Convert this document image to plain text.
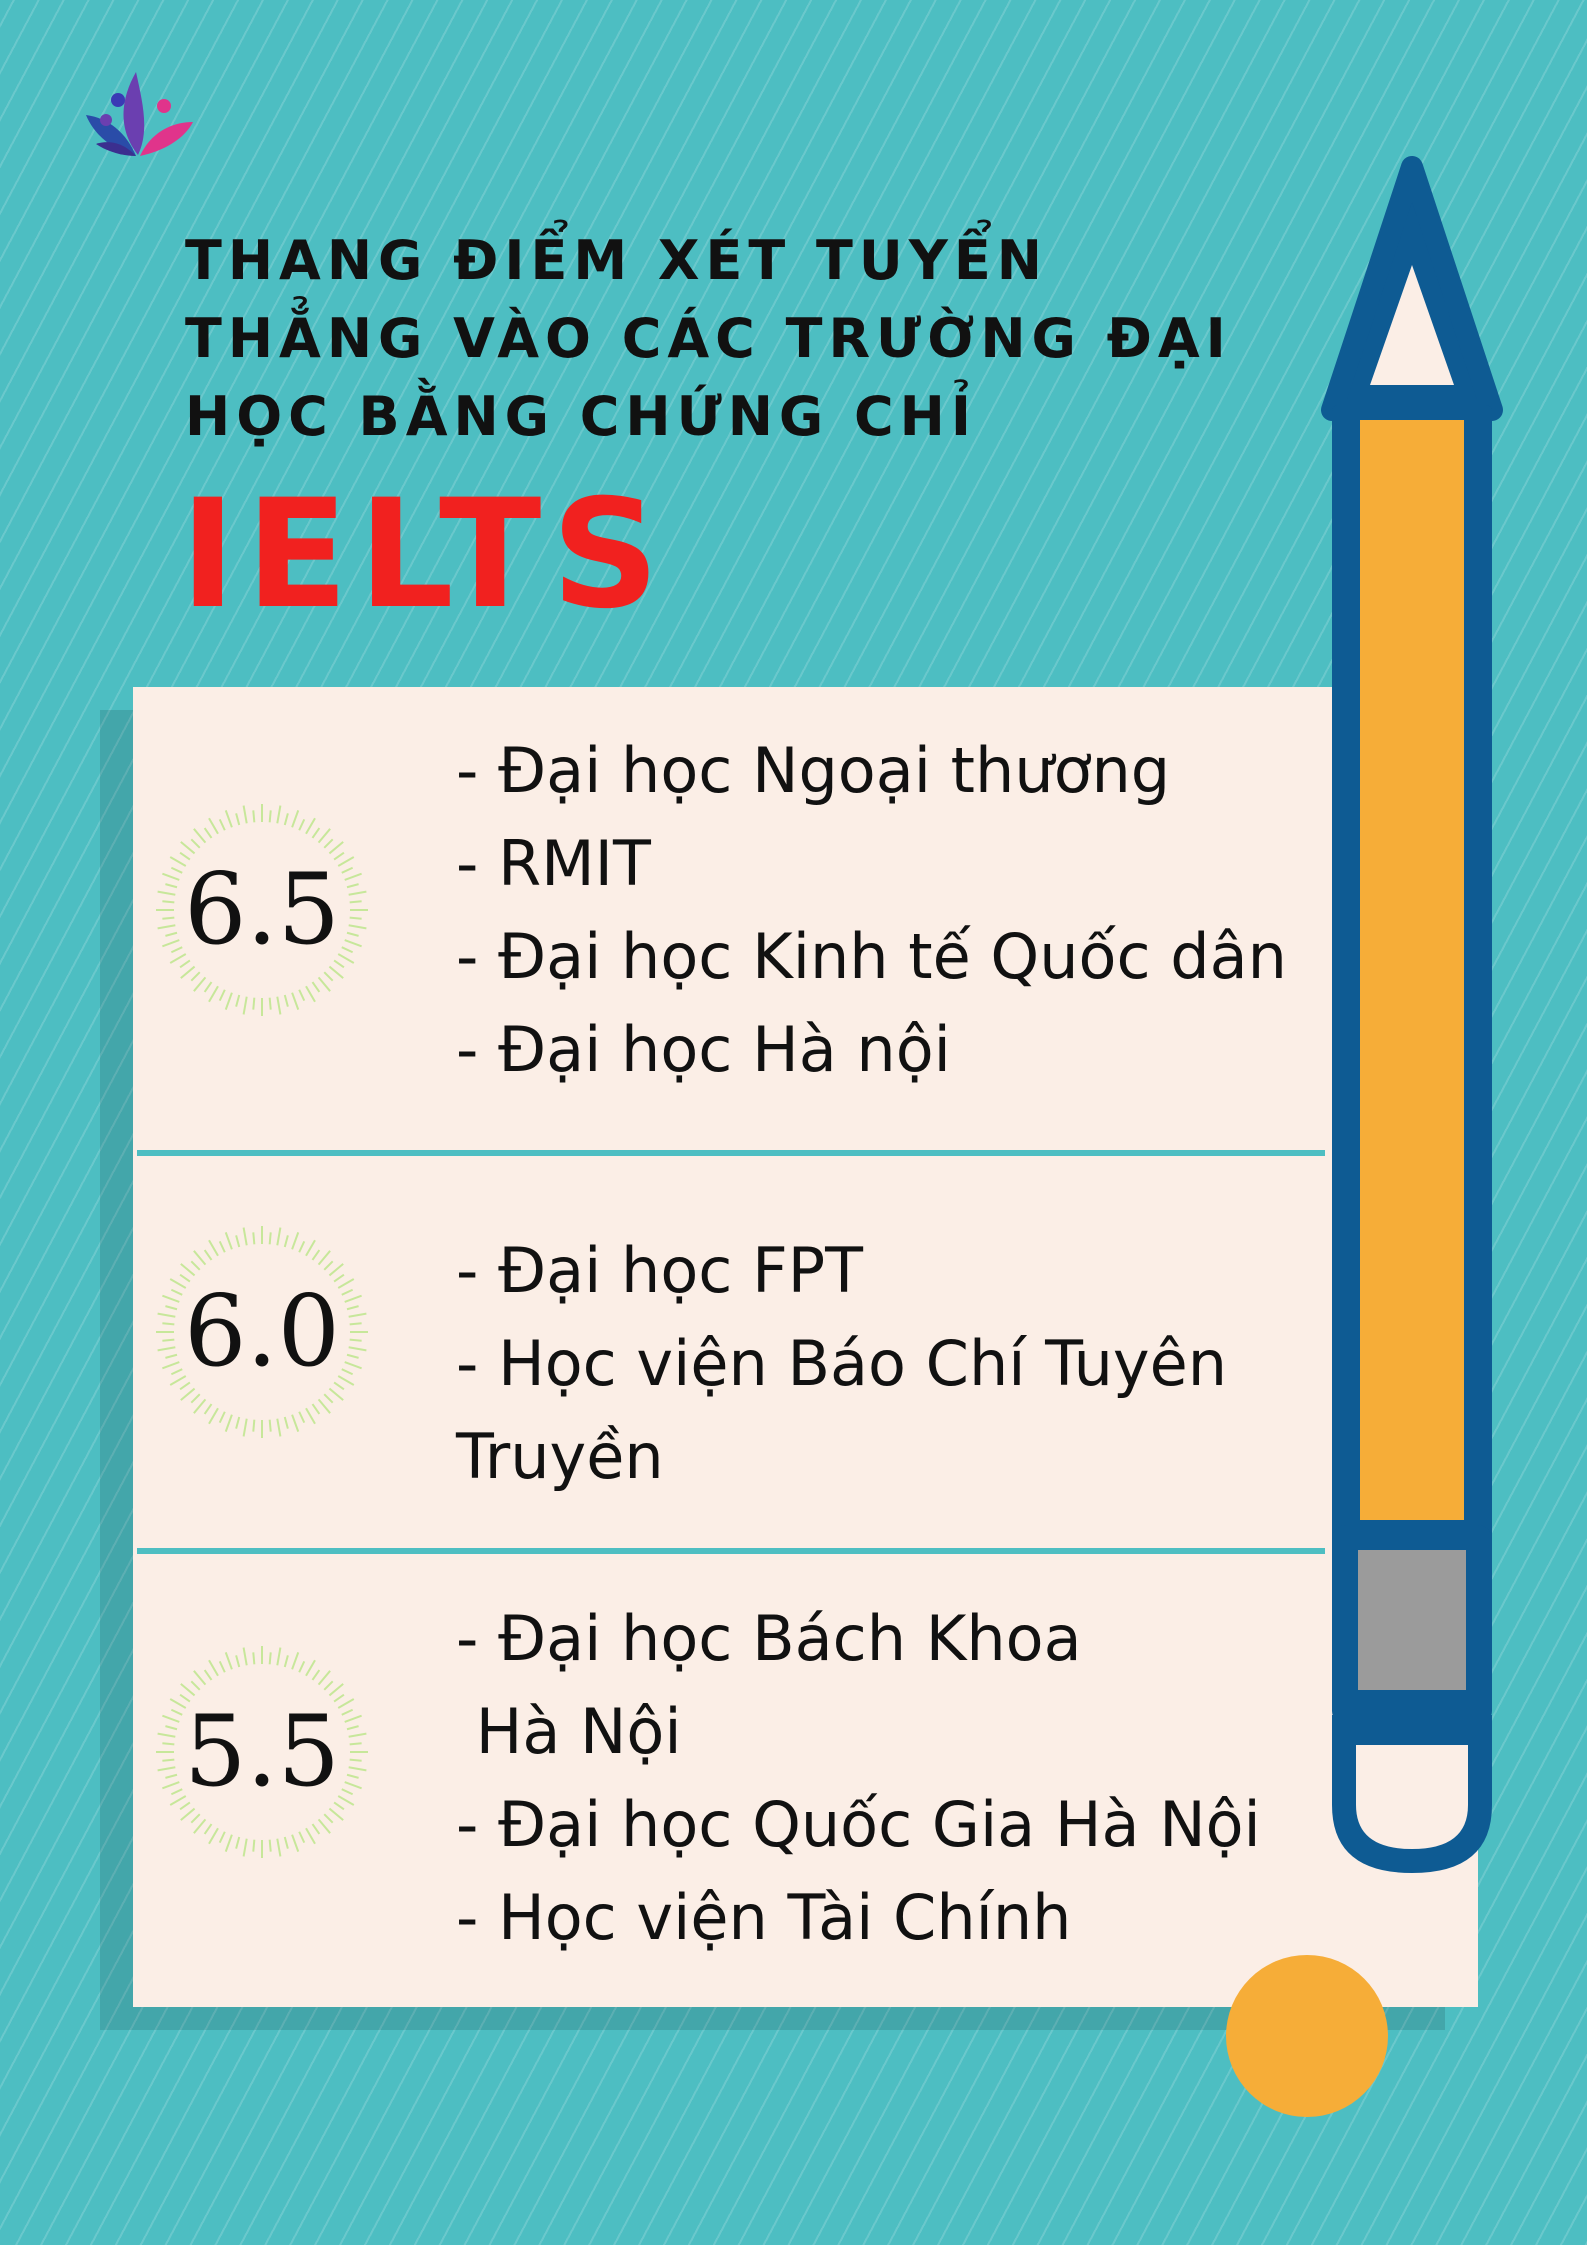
THANG ĐIỂM XÉT TUYỂN
THẲNG VÀO CÁC TRƯỜNG ĐẠI
HỌC BẰNG CHỨNG CHỈ
IELTS
6.5
- Đại học Ngoại thương
- RMIT
- Đại học Kinh tế Quốc dân
- Đại học Hà nội
6.0
- Đại học FPT
- Học viện Báo Chí Tuyên
Truyền
5.5
- Đại học Bách Khoa
Hà Nội
- Đại học Quốc Gia Hà Nội
- Học viện Tài Chính
